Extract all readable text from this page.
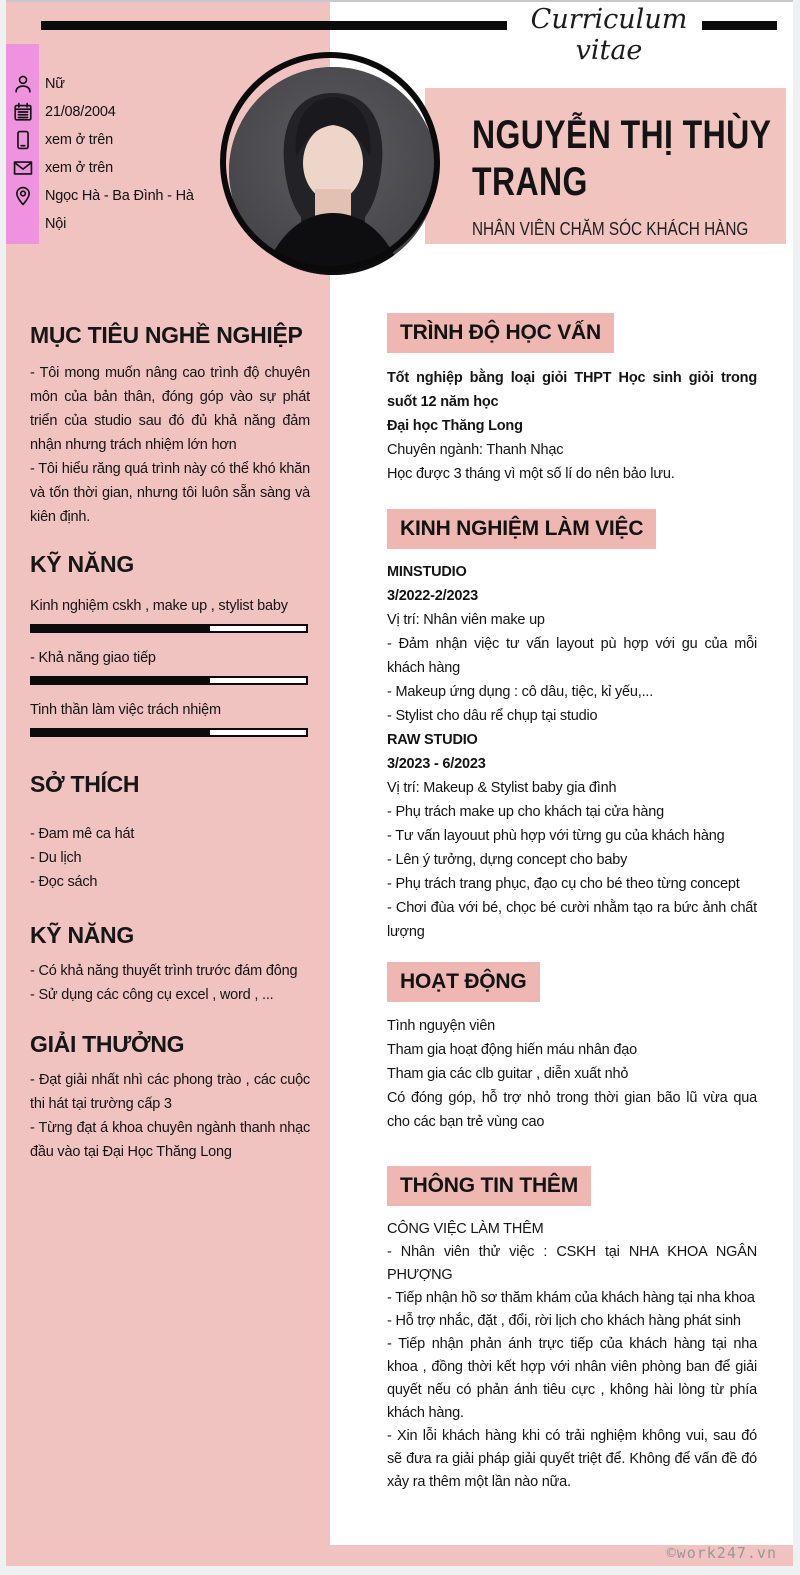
Curriculum vitae
Nữ
21/08/2004
xem ở trên
xem ở trên
Ngọc Hà - Ba Đình - Hà Nội
NGUYỄN THỊ THÙY
TRANG
NHÂN VIÊN CHĂM SÓC KHÁCH HÀNG
MỤC TIÊU NGHỀ NGHIỆP

- Tôi mong muốn nâng cao trình độ chuyên môn của bản thân, đóng góp vào sự phát triển của studio sau đó đủ khả năng đảm nhận nhưng trách nhiệm lớn hơn

- Tôi hiểu răng quá trình này có thể khó khăn và tốn thời gian, nhưng tôi luôn sẵn sàng và kiên định.

KỸ NĂNG
Kinh nghiệm cskh , make up , stylist baby
- Khả năng giao tiếp
Tinh thần làm việc trách nhiệm
SỞ THÍCH

- Đam mê ca hát

- Du lịch

- Đọc sách

KỸ NĂNG

- Có khả năng thuyết trình trước đám đông

- Sử dụng các công cụ excel , word , ...

GIẢI THƯỞNG

- Đạt giải nhất nhì các phong trào , các cuộc thi hát tại trường cấp 3

- Từng đạt á khoa chuyên ngành thanh nhạc đầu vào tại Đại Học Thăng Long

TRÌNH ĐỘ HỌC VẤN

Tốt nghiệp bằng loại giỏi THPT Học sinh giỏi trong suốt 12 năm học

Đại học Thăng Long

Chuyên ngành: Thanh Nhạc

Học được 3 tháng vì một số lí do nên bảo lưu.

KINH NGHIỆM LÀM VIỆC

MINSTUDIO

3/2022-2/2023

Vị trí: Nhân viên make up

- Đảm nhận việc tư vấn layout pù hợp với gu của mỗi khách hàng

- Makeup ứng dụng : cô dâu, tiệc, kỉ yếu,...

- Stylist cho dâu rể chụp tại studio

RAW STUDIO

3/2023 - 6/2023

Vị trí: Makeup & Stylist baby gia đình

- Phụ trách make up cho khách tại cửa hàng

- Tư vấn layouut phù hợp với từng gu của khách hàng

- Lên ý tưởng, dựng concept cho baby

- Phụ trách trang phục, đạo cụ cho bé theo từng concept

- Chơi đùa với bé, chọc bé cười nhằm tạo ra bức ảnh chất lượng

HOẠT ĐỘNG

Tình nguyện viên

Tham gia hoạt động hiến máu nhân đạo

Tham gia các clb guitar , diễn xuất nhỏ

Có đóng góp, hỗ trợ nhỏ trong thời gian bão lũ vừa qua cho các bạn trẻ vùng cao

THÔNG TIN THÊM

CÔNG VIỆC LÀM THÊM

- Nhân viên thử việc : CSKH tại NHA KHOA NGÂN PHƯỢNG

- Tiếp nhận hồ sơ thăm khám của khách hàng tại nha khoa

- Hỗ trợ nhắc, đặt , đổi, rời lịch cho khách hàng phát sinh

- Tiếp nhận phản ánh trực tiếp của khách hàng tại nha khoa , đồng thời kết hợp với nhân viên phòng ban để giải quyết nếu có phản ánh tiêu cực , không hài lòng từ phía khách hàng.

- Xin lỗi khách hàng khi có trải nghiệm không vui, sau đó sẽ đưa ra giải pháp giải quyết triệt để. Không để vấn đề đó xảy ra thêm một lần nào nữa.

©work247.vn
